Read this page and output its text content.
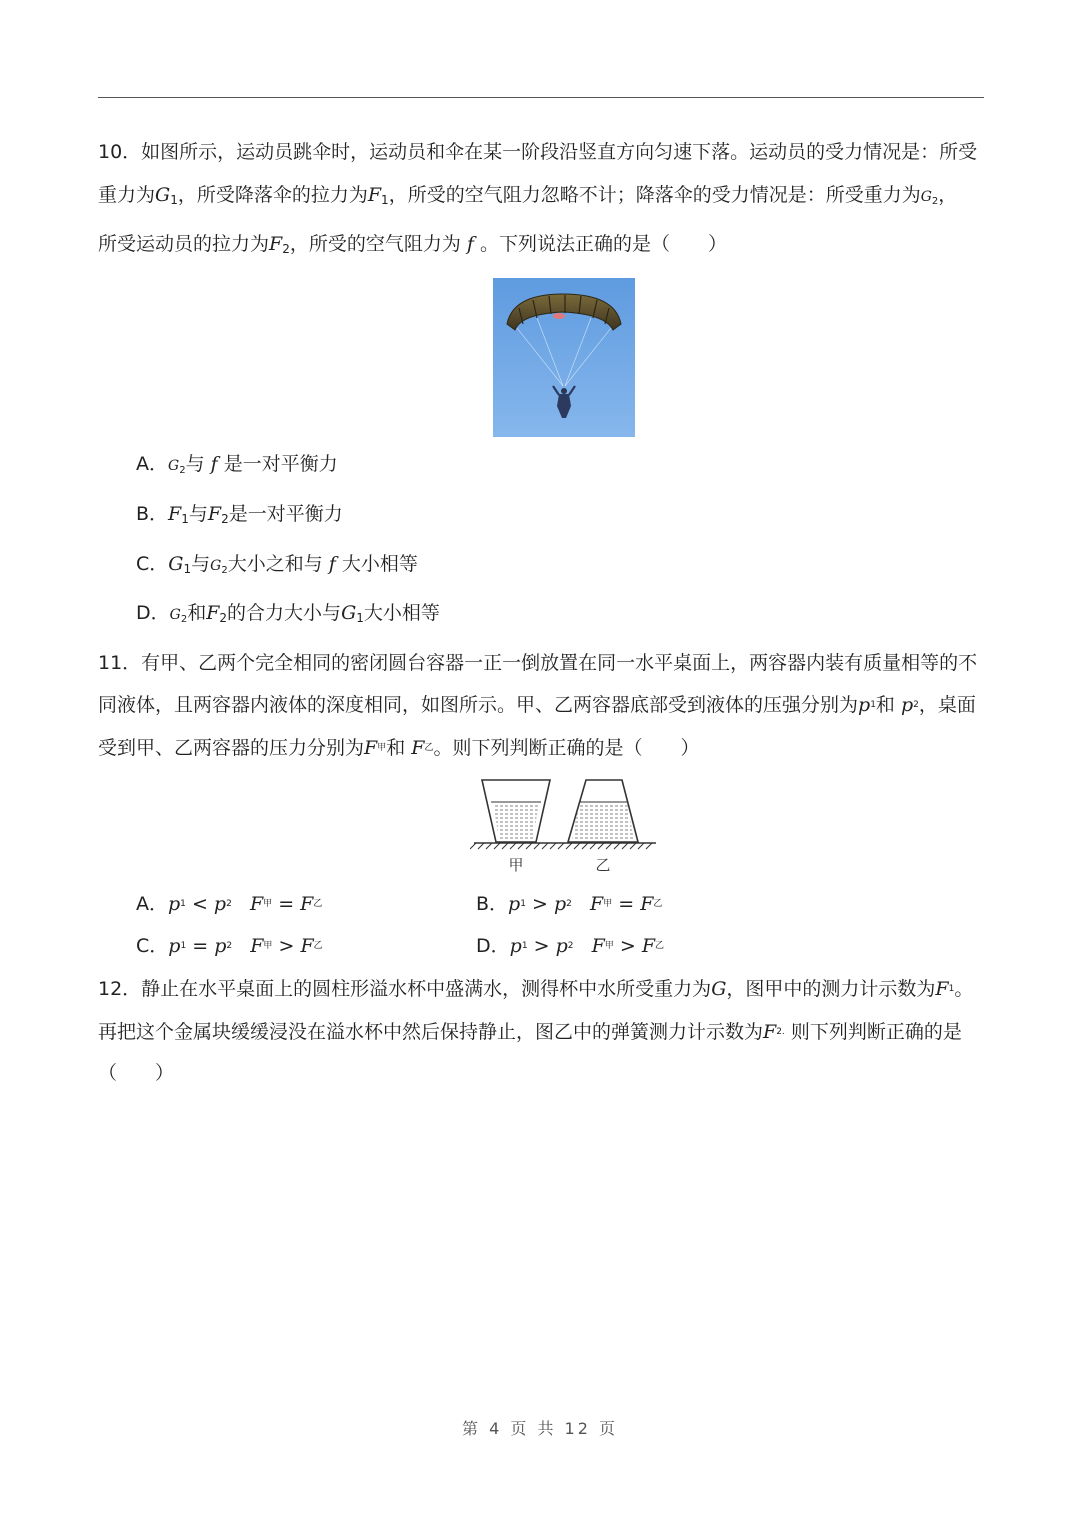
10．如图所示，运动员跳伞时，运动员和伞在某一阶段沿竖直方向匀速下落。运动员的受力情况是：所受
重力为G1，所受降落伞的拉力为F1，所受的空气阻力忽略不计；降落伞的受力情况是：所受重力为G2，
所受运动员的拉力为F2，所受的空气阻力为 f 。下列说法正确的是（　　）
A．G2与 f 是一对平衡力
B．F1与F2是一对平衡力
C．G1与G2大小之和与 f 大小相等
D．G2和F2的合力大小与G1大小相等
11．有甲、乙两个完全相同的密闭圆台容器一正一倒放置在同一水平桌面上，两容器内装有质量相等的不
同液体，且两容器内液体的深度相同，如图所示。甲、乙两容器底部受到液体的压强分别为$p^1$和 $p^2$，桌面
受到甲、乙两容器的压力分别为$F^甲$和 $F^乙$。则下列判断正确的是（　　）
甲	乙
A．$p^1 < p^2$ $F^甲 = F^乙$	B．$p^1 > p^2$ $F^甲 = F^乙$
C．$p^1 = p^2$ $F^甲 > F^乙$	D．$p^1 > p^2$ $F^甲 > F^乙$
12．静止在水平桌面上的圆柱形溢水杯中盛满水，测得杯中水所受重力为G，图甲中的测力计示数为$F^1$。
再把这个金属块缓缓浸没在溢水杯中然后保持静止，图乙中的弹簧测力计示数为$F^{2.}$ 则下列判断正确的是
（　　）
第 4 页 共 12 页
